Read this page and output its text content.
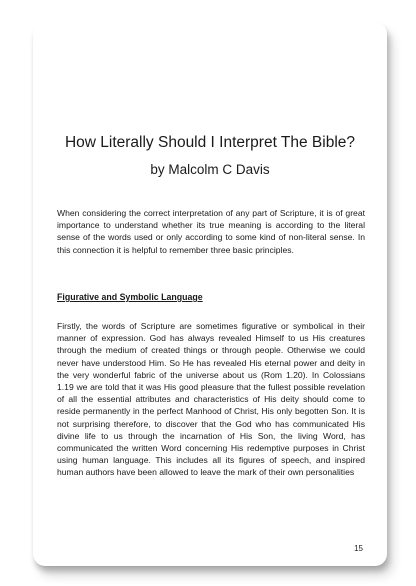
How Literally Should I Interpret The Bible?
by Malcolm C Davis

When considering the correct interpretation of any part of Scripture, it is of great importance to understand whether its true meaning is according to the literal sense of the words used or only according to some kind of non-literal sense. In this connection it is helpful to remember three basic principles.

Figurative and Symbolic Language

Firstly, the words of Scripture are sometimes figurative or symbolical in their manner of expression. God has always revealed Himself to us His creatures through the medium of created things or through people. Otherwise we could never have understood Him. So He has revealed His eternal power and deity in the very wonderful fabric of the universe about us (Rom 1.20). In Colossians 1.19 we are told that it was His good pleasure that the fullest possible revelation of all the essential attributes and characteristics of His deity should come to reside permanently in the perfect Manhood of Christ, His only begotten Son. It is not surprising therefore, to discover that the God who has communicated His divine life to us through the incarnation of His Son, the living Word, has communicated the written Word concerning His redemptive purposes in Christ using human language. This includes all its figures of speech, and inspired human authors have been allowed to leave the mark of their own personalities

15
